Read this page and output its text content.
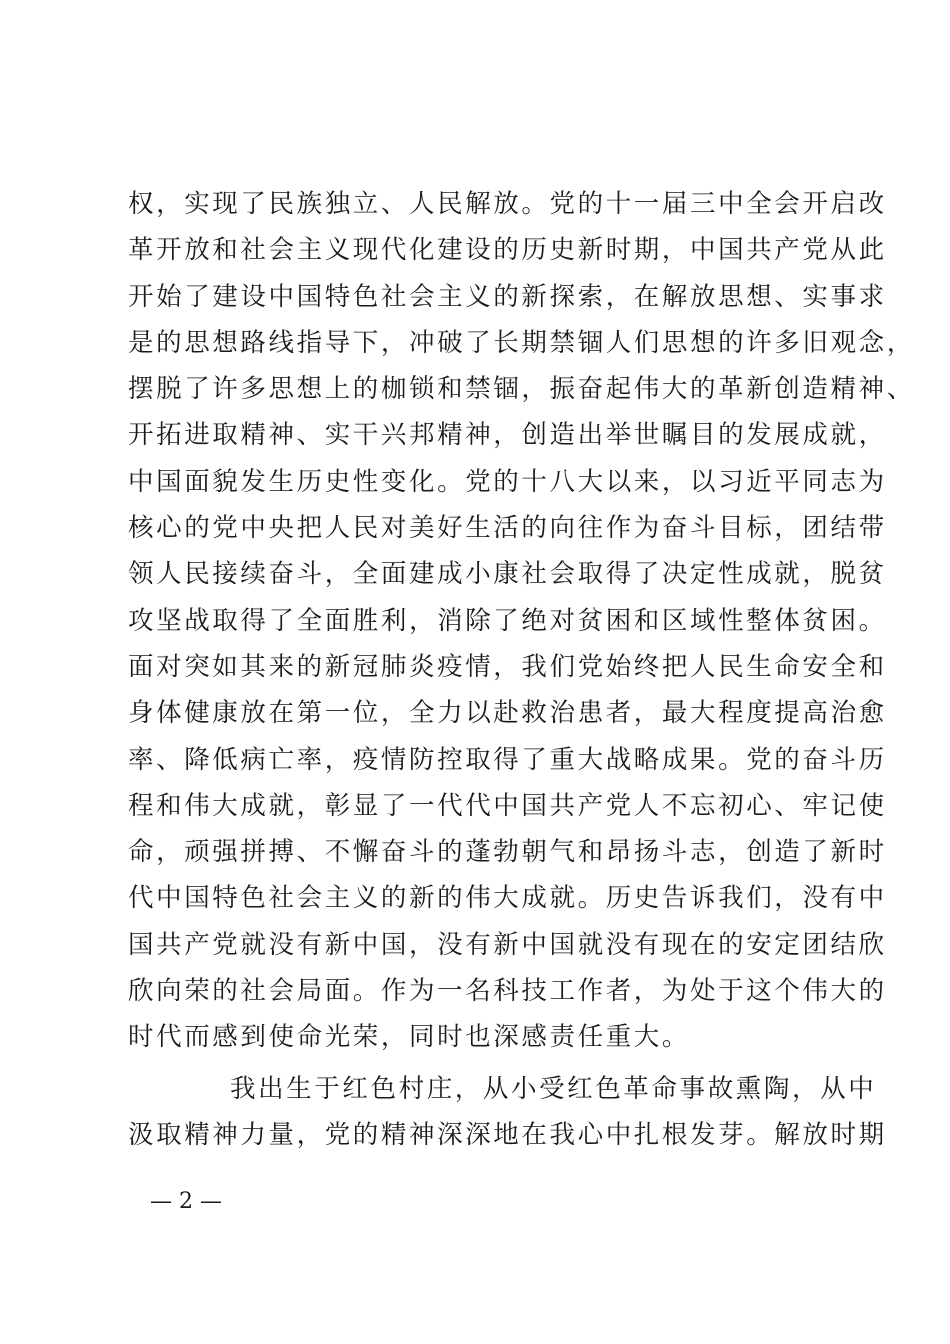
权，实现了民族独立、人民解放。党的十一届三中全会开启改
革开放和社会主义现代化建设的历史新时期，中国共产党从此
开始了建设中国特色社会主义的新探索，在解放思想、实事求
是的思想路线指导下，冲破了长期禁锢人们思想的许多旧观念，
摆脱了许多思想上的枷锁和禁锢，振奋起伟大的革新创造精神、
开拓进取精神、实干兴邦精神，创造出举世瞩目的发展成就，
中国面貌发生历史性变化。党的十八大以来，以习近平同志为
核心的党中央把人民对美好生活的向往作为奋斗目标，团结带
领人民接续奋斗，全面建成小康社会取得了决定性成就，脱贫
攻坚战取得了全面胜利，消除了绝对贫困和区域性整体贫困。
面对突如其来的新冠肺炎疫情，我们党始终把人民生命安全和
身体健康放在第一位，全力以赴救治患者，最大程度提高治愈
率、降低病亡率，疫情防控取得了重大战略成果。党的奋斗历
程和伟大成就，彰显了一代代中国共产党人不忘初心、牢记使
命，顽强拼搏、不懈奋斗的蓬勃朝气和昂扬斗志，创造了新时
代中国特色社会主义的新的伟大成就。历史告诉我们，没有中
国共产党就没有新中国，没有新中国就没有现在的安定团结欣
欣向荣的社会局面。作为一名科技工作者，为处于这个伟大的
时代而感到使命光荣，同时也深感责任重大。
我出生于红色村庄，从小受红色革命事故熏陶，从中
汲取精神力量，党的精神深深地在我心中扎根发芽。解放时期
— 2 —
